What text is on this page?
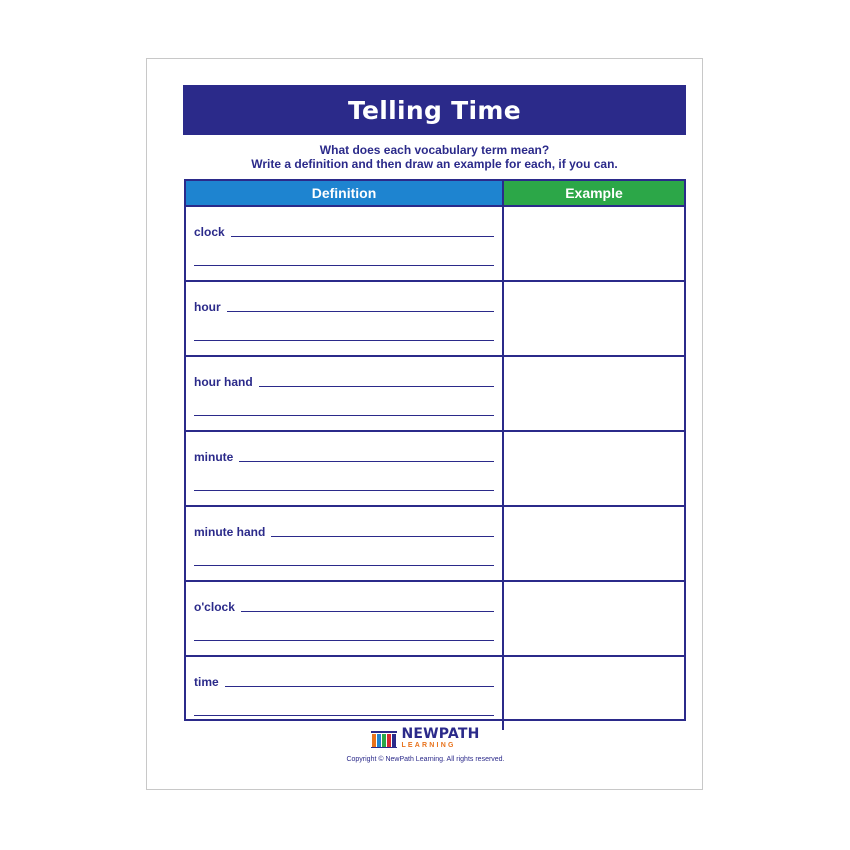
Telling Time
What does each vocabulary term mean?
Write a definition and then draw an example for each, if you can.
Definition	Example
clock
hour
hour hand
minute
minute hand
o'clock
time
NEWPATH
LEARNING
Copyright © NewPath Learning. All rights reserved.
